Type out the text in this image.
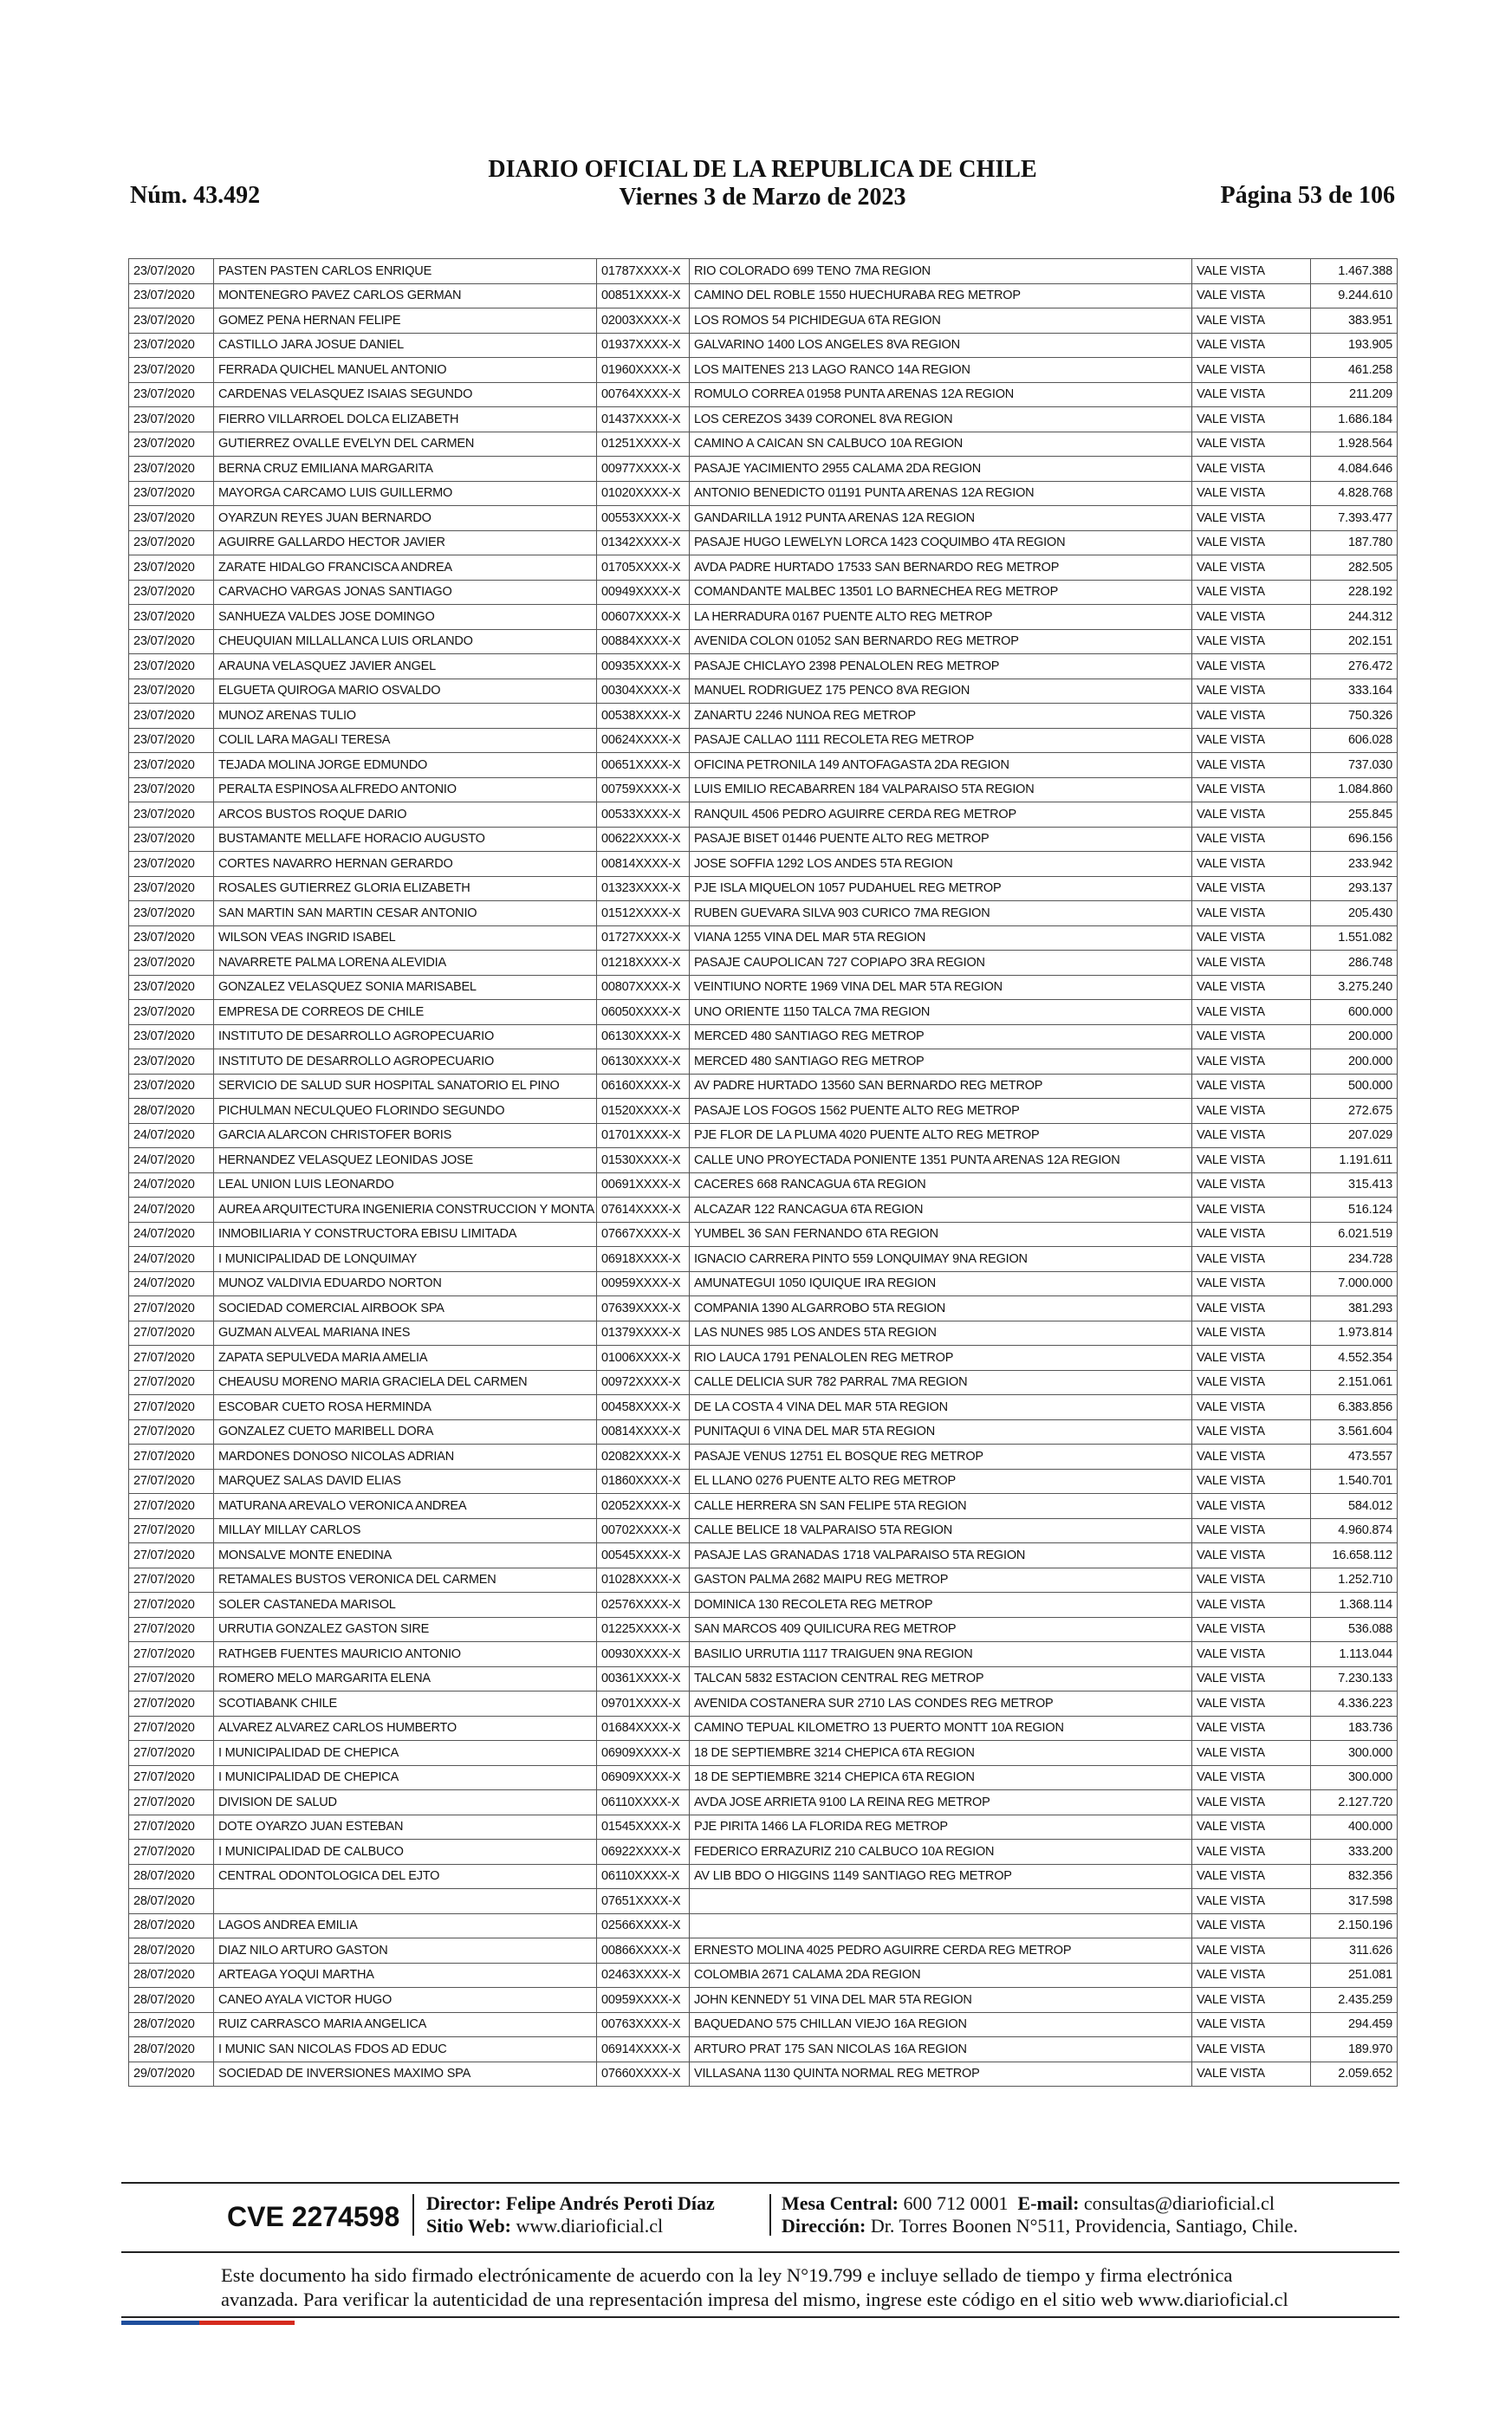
Núm. 43.492
DIARIO OFICIAL DE LA REPUBLICA DE CHILE
Viernes 3 de Marzo de 2023	Página 53 de 106
23/07/2020	PASTEN PASTEN CARLOS ENRIQUE	01787XXXX-X	RIO COLORADO 699 TENO 7MA REGION	VALE VISTA	1.467.388
23/07/2020	MONTENEGRO PAVEZ CARLOS GERMAN	00851XXXX-X	CAMINO DEL ROBLE 1550 HUECHURABA REG METROP	VALE VISTA	9.244.610
23/07/2020	GOMEZ PENA HERNAN FELIPE	02003XXXX-X	LOS ROMOS 54 PICHIDEGUA 6TA REGION	VALE VISTA	383.951
23/07/2020	CASTILLO JARA JOSUE DANIEL	01937XXXX-X	GALVARINO 1400 LOS ANGELES 8VA REGION	VALE VISTA	193.905
23/07/2020	FERRADA QUICHEL MANUEL ANTONIO	01960XXXX-X	LOS MAITENES 213 LAGO RANCO 14A REGION	VALE VISTA	461.258
23/07/2020	CARDENAS VELASQUEZ ISAIAS SEGUNDO	00764XXXX-X	ROMULO CORREA 01958 PUNTA ARENAS 12A REGION	VALE VISTA	211.209
23/07/2020	FIERRO VILLARROEL DOLCA ELIZABETH	01437XXXX-X	LOS CEREZOS 3439 CORONEL 8VA REGION	VALE VISTA	1.686.184
23/07/2020	GUTIERREZ OVALLE EVELYN DEL CARMEN	01251XXXX-X	CAMINO A CAICAN SN CALBUCO 10A REGION	VALE VISTA	1.928.564
23/07/2020	BERNA CRUZ EMILIANA MARGARITA	00977XXXX-X	PASAJE YACIMIENTO 2955 CALAMA 2DA REGION	VALE VISTA	4.084.646
23/07/2020	MAYORGA CARCAMO LUIS GUILLERMO	01020XXXX-X	ANTONIO BENEDICTO 01191 PUNTA ARENAS 12A REGION	VALE VISTA	4.828.768
23/07/2020	OYARZUN REYES JUAN BERNARDO	00553XXXX-X	GANDARILLA 1912 PUNTA ARENAS 12A REGION	VALE VISTA	7.393.477
23/07/2020	AGUIRRE GALLARDO HECTOR JAVIER	01342XXXX-X	PASAJE HUGO LEWELYN LORCA 1423 COQUIMBO 4TA REGION	VALE VISTA	187.780
23/07/2020	ZARATE HIDALGO FRANCISCA ANDREA	01705XXXX-X	AVDA PADRE HURTADO 17533 SAN BERNARDO REG METROP	VALE VISTA	282.505
23/07/2020	CARVACHO VARGAS JONAS SANTIAGO	00949XXXX-X	COMANDANTE MALBEC 13501 LO BARNECHEA REG METROP	VALE VISTA	228.192
23/07/2020	SANHUEZA VALDES JOSE DOMINGO	00607XXXX-X	LA HERRADURA 0167 PUENTE ALTO REG METROP	VALE VISTA	244.312
23/07/2020	CHEUQUIAN MILLALLANCA LUIS ORLANDO	00884XXXX-X	AVENIDA COLON 01052 SAN BERNARDO REG METROP	VALE VISTA	202.151
23/07/2020	ARAUNA VELASQUEZ JAVIER ANGEL	00935XXXX-X	PASAJE CHICLAYO 2398 PENALOLEN REG METROP	VALE VISTA	276.472
23/07/2020	ELGUETA QUIROGA MARIO OSVALDO	00304XXXX-X	MANUEL RODRIGUEZ 175 PENCO 8VA REGION	VALE VISTA	333.164
23/07/2020	MUNOZ ARENAS TULIO	00538XXXX-X	ZANARTU 2246 NUNOA REG METROP	VALE VISTA	750.326
23/07/2020	COLIL LARA MAGALI TERESA	00624XXXX-X	PASAJE CALLAO 1111 RECOLETA REG METROP	VALE VISTA	606.028
23/07/2020	TEJADA MOLINA JORGE EDMUNDO	00651XXXX-X	OFICINA PETRONILA 149 ANTOFAGASTA 2DA REGION	VALE VISTA	737.030
23/07/2020	PERALTA ESPINOSA ALFREDO ANTONIO	00759XXXX-X	LUIS EMILIO RECABARREN 184 VALPARAISO 5TA REGION	VALE VISTA	1.084.860
23/07/2020	ARCOS BUSTOS ROQUE DARIO	00533XXXX-X	RANQUIL 4506 PEDRO AGUIRRE CERDA REG METROP	VALE VISTA	255.845
23/07/2020	BUSTAMANTE MELLAFE HORACIO AUGUSTO	00622XXXX-X	PASAJE BISET 01446 PUENTE ALTO REG METROP	VALE VISTA	696.156
23/07/2020	CORTES NAVARRO HERNAN GERARDO	00814XXXX-X	JOSE SOFFIA 1292 LOS ANDES 5TA REGION	VALE VISTA	233.942
23/07/2020	ROSALES GUTIERREZ GLORIA ELIZABETH	01323XXXX-X	PJE ISLA MIQUELON 1057 PUDAHUEL REG METROP	VALE VISTA	293.137
23/07/2020	SAN MARTIN SAN MARTIN CESAR ANTONIO	01512XXXX-X	RUBEN GUEVARA SILVA 903 CURICO 7MA REGION	VALE VISTA	205.430
23/07/2020	WILSON VEAS INGRID ISABEL	01727XXXX-X	VIANA 1255 VINA DEL MAR 5TA REGION	VALE VISTA	1.551.082
23/07/2020	NAVARRETE PALMA LORENA ALEVIDIA	01218XXXX-X	PASAJE CAUPOLICAN 727 COPIAPO 3RA REGION	VALE VISTA	286.748
23/07/2020	GONZALEZ VELASQUEZ SONIA MARISABEL	00807XXXX-X	VEINTIUNO NORTE 1969 VINA DEL MAR 5TA REGION	VALE VISTA	3.275.240
23/07/2020	EMPRESA DE CORREOS DE CHILE	06050XXXX-X	UNO ORIENTE 1150 TALCA 7MA REGION	VALE VISTA	600.000
23/07/2020	INSTITUTO DE DESARROLLO AGROPECUARIO	06130XXXX-X	MERCED 480 SANTIAGO REG METROP	VALE VISTA	200.000
23/07/2020	INSTITUTO DE DESARROLLO AGROPECUARIO	06130XXXX-X	MERCED 480 SANTIAGO REG METROP	VALE VISTA	200.000
23/07/2020	SERVICIO DE SALUD SUR HOSPITAL SANATORIO EL PINO	06160XXXX-X	AV PADRE HURTADO 13560 SAN BERNARDO REG METROP	VALE VISTA	500.000
28/07/2020	PICHULMAN NECULQUEO FLORINDO SEGUNDO	01520XXXX-X	PASAJE LOS FOGOS 1562 PUENTE ALTO REG METROP	VALE VISTA	272.675
24/07/2020	GARCIA ALARCON CHRISTOFER BORIS	01701XXXX-X	PJE FLOR DE LA PLUMA 4020 PUENTE ALTO REG METROP	VALE VISTA	207.029
24/07/2020	HERNANDEZ VELASQUEZ LEONIDAS JOSE	01530XXXX-X	CALLE UNO PROYECTADA PONIENTE 1351 PUNTA ARENAS 12A REGION	VALE VISTA	1.191.611
24/07/2020	LEAL UNION LUIS LEONARDO	00691XXXX-X	CACERES 668 RANCAGUA 6TA REGION	VALE VISTA	315.413
24/07/2020	AUREA ARQUITECTURA INGENIERIA CONSTRUCCION Y MONTA	07614XXXX-X	ALCAZAR 122 RANCAGUA 6TA REGION	VALE VISTA	516.124
24/07/2020	INMOBILIARIA Y CONSTRUCTORA EBISU LIMITADA	07667XXXX-X	YUMBEL 36 SAN FERNANDO 6TA REGION	VALE VISTA	6.021.519
24/07/2020	I MUNICIPALIDAD DE LONQUIMAY	06918XXXX-X	IGNACIO CARRERA PINTO 559 LONQUIMAY 9NA REGION	VALE VISTA	234.728
24/07/2020	MUNOZ VALDIVIA EDUARDO NORTON	00959XXXX-X	AMUNATEGUI 1050 IQUIQUE IRA REGION	VALE VISTA	7.000.000
27/07/2020	SOCIEDAD COMERCIAL AIRBOOK SPA	07639XXXX-X	COMPANIA 1390 ALGARROBO 5TA REGION	VALE VISTA	381.293
27/07/2020	GUZMAN ALVEAL MARIANA INES	01379XXXX-X	LAS NUNES 985 LOS ANDES 5TA REGION	VALE VISTA	1.973.814
27/07/2020	ZAPATA SEPULVEDA MARIA AMELIA	01006XXXX-X	RIO LAUCA 1791 PENALOLEN REG METROP	VALE VISTA	4.552.354
27/07/2020	CHEAUSU MORENO MARIA GRACIELA DEL CARMEN	00972XXXX-X	CALLE DELICIA SUR 782 PARRAL 7MA REGION	VALE VISTA	2.151.061
27/07/2020	ESCOBAR CUETO ROSA HERMINDA	00458XXXX-X	DE LA COSTA 4 VINA DEL MAR 5TA REGION	VALE VISTA	6.383.856
27/07/2020	GONZALEZ CUETO MARIBELL DORA	00814XXXX-X	PUNITAQUI 6 VINA DEL MAR 5TA REGION	VALE VISTA	3.561.604
27/07/2020	MARDONES DONOSO NICOLAS ADRIAN	02082XXXX-X	PASAJE VENUS 12751 EL BOSQUE REG METROP	VALE VISTA	473.557
27/07/2020	MARQUEZ SALAS DAVID ELIAS	01860XXXX-X	EL LLANO 0276 PUENTE ALTO REG METROP	VALE VISTA	1.540.701
27/07/2020	MATURANA AREVALO VERONICA ANDREA	02052XXXX-X	CALLE HERRERA SN SAN FELIPE 5TA REGION	VALE VISTA	584.012
27/07/2020	MILLAY MILLAY CARLOS	00702XXXX-X	CALLE BELICE 18 VALPARAISO 5TA REGION	VALE VISTA	4.960.874
27/07/2020	MONSALVE MONTE ENEDINA	00545XXXX-X	PASAJE LAS GRANADAS 1718 VALPARAISO 5TA REGION	VALE VISTA	16.658.112
27/07/2020	RETAMALES BUSTOS VERONICA DEL CARMEN	01028XXXX-X	GASTON PALMA 2682 MAIPU REG METROP	VALE VISTA	1.252.710
27/07/2020	SOLER CASTANEDA MARISOL	02576XXXX-X	DOMINICA 130 RECOLETA REG METROP	VALE VISTA	1.368.114
27/07/2020	URRUTIA GONZALEZ GASTON SIRE	01225XXXX-X	SAN MARCOS 409 QUILICURA REG METROP	VALE VISTA	536.088
27/07/2020	RATHGEB FUENTES MAURICIO ANTONIO	00930XXXX-X	BASILIO URRUTIA 1117 TRAIGUEN 9NA REGION	VALE VISTA	1.113.044
27/07/2020	ROMERO MELO MARGARITA ELENA	00361XXXX-X	TALCAN 5832 ESTACION CENTRAL REG METROP	VALE VISTA	7.230.133
27/07/2020	SCOTIABANK CHILE	09701XXXX-X	AVENIDA COSTANERA SUR 2710 LAS CONDES REG METROP	VALE VISTA	4.336.223
27/07/2020	ALVAREZ ALVAREZ CARLOS HUMBERTO	01684XXXX-X	CAMINO TEPUAL KILOMETRO 13 PUERTO MONTT 10A REGION	VALE VISTA	183.736
27/07/2020	I MUNICIPALIDAD DE CHEPICA	06909XXXX-X	18 DE SEPTIEMBRE 3214 CHEPICA 6TA REGION	VALE VISTA	300.000
27/07/2020	I MUNICIPALIDAD DE CHEPICA	06909XXXX-X	18 DE SEPTIEMBRE 3214 CHEPICA 6TA REGION	VALE VISTA	300.000
27/07/2020	DIVISION DE SALUD	06110XXXX-X	AVDA JOSE ARRIETA 9100 LA REINA REG METROP	VALE VISTA	2.127.720
27/07/2020	DOTE OYARZO JUAN ESTEBAN	01545XXXX-X	PJE PIRITA 1466 LA FLORIDA REG METROP	VALE VISTA	400.000
27/07/2020	I MUNICIPALIDAD DE CALBUCO	06922XXXX-X	FEDERICO ERRAZURIZ 210 CALBUCO 10A REGION	VALE VISTA	333.200
28/07/2020	CENTRAL ODONTOLOGICA DEL EJTO	06110XXXX-X	AV LIB BDO O HIGGINS 1149 SANTIAGO REG METROP	VALE VISTA	832.356
28/07/2020		07651XXXX-X		VALE VISTA	317.598
28/07/2020	LAGOS ANDREA EMILIA	02566XXXX-X		VALE VISTA	2.150.196
28/07/2020	DIAZ NILO ARTURO GASTON	00866XXXX-X	ERNESTO MOLINA 4025 PEDRO AGUIRRE CERDA REG METROP	VALE VISTA	311.626
28/07/2020	ARTEAGA YOQUI MARTHA	02463XXXX-X	COLOMBIA 2671 CALAMA 2DA REGION	VALE VISTA	251.081
28/07/2020	CANEO AYALA VICTOR HUGO	00959XXXX-X	JOHN KENNEDY 51 VINA DEL MAR 5TA REGION	VALE VISTA	2.435.259
28/07/2020	RUIZ CARRASCO MARIA ANGELICA	00763XXXX-X	BAQUEDANO 575 CHILLAN VIEJO 16A REGION	VALE VISTA	294.459
28/07/2020	I MUNIC SAN NICOLAS FDOS AD EDUC	06914XXXX-X	ARTURO PRAT 175 SAN NICOLAS 16A REGION	VALE VISTA	189.970
29/07/2020	SOCIEDAD DE INVERSIONES MAXIMO SPA	07660XXXX-X	VILLASANA 1130 QUINTA NORMAL REG METROP	VALE VISTA	2.059.652
CVE 2274598 Director: Felipe Andrés Peroti Díaz
Sitio Web: www.diarioficial.cl
Mesa Central: 600 712 0001 E-mail: consultas@diarioficial.cl
Dirección: Dr. Torres Boonen N°511, Providencia, Santiago, Chile.
Este documento ha sido firmado electrónicamente de acuerdo con la ley N°19.799 e incluye sellado de tiempo y firma electrónica avanzada. Para verificar la autenticidad de una representación impresa del mismo, ingrese este código en el sitio web www.diarioficial.cl
